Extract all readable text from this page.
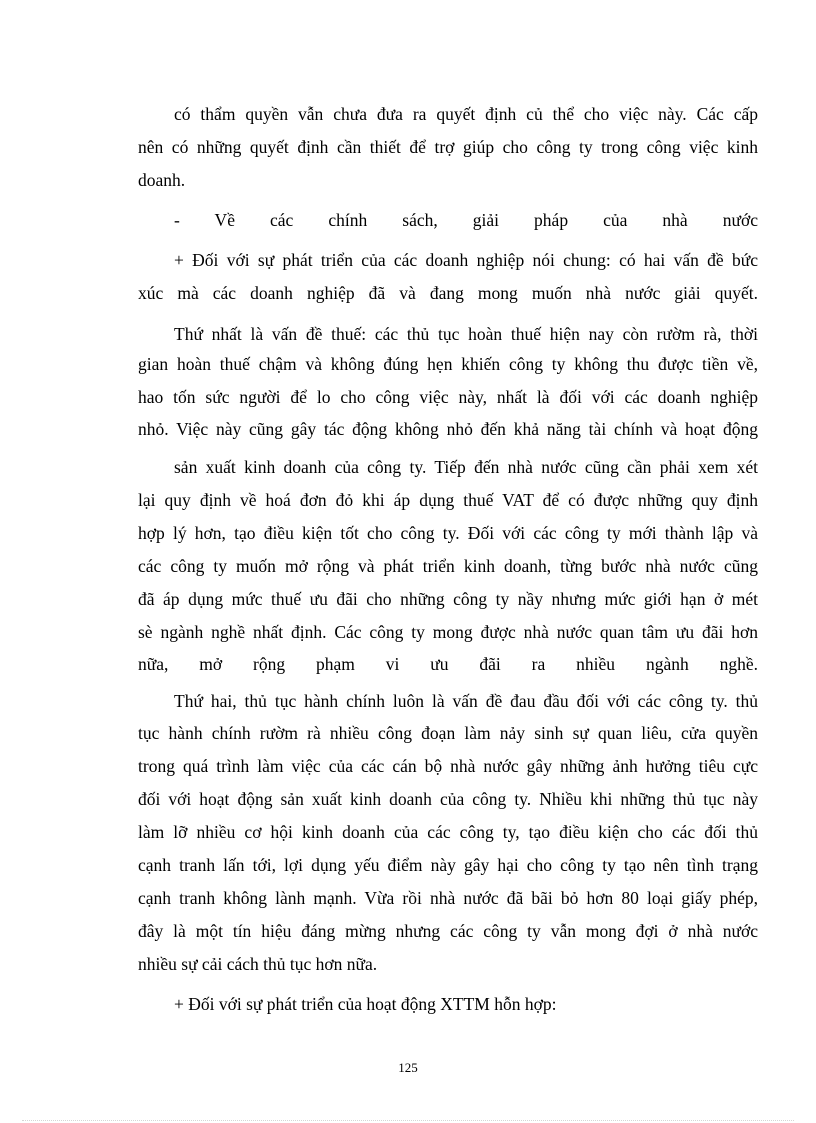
có thẩm quyền vẫn chưa đưa ra quyết định củ thể cho việc này. Các cấp
nên có những quyết định cần thiết để trợ giúp cho công ty trong công việc kinh
doanh.
- Về các chính sách, giải pháp của nhà nước
+ Đối với sự phát triển của các doanh nghiệp nói chung: có hai vấn đề bức
xúc mà các doanh nghiệp đã và đang mong muốn nhà nước giải quyết.
Thứ nhất là vấn đề thuế: các thủ tục hoàn thuế hiện nay còn rườm rà, thời
gian hoàn thuế chậm và không đúng hẹn khiến công ty không thu được tiền về,
hao tốn sức người để lo cho công việc này, nhất là đối với các doanh nghiệp
nhỏ. Việc này cũng gây tác động không nhỏ đến khả năng tài chính và hoạt động
sản xuất kinh doanh của công ty. Tiếp đến nhà nước cũng cần phải xem xét
lại quy định về hoá đơn đỏ khi áp dụng thuế VAT để có được những quy định
hợp lý hơn, tạo điều kiện tốt cho công ty. Đối với các công ty mới thành lập và
các công ty muốn mở rộng và phát triển kinh doanh, từng bước nhà nước cũng
đã áp dụng mức thuế ưu đãi cho những công ty nầy nhưng mức giới hạn ở mét
sè ngành nghề nhất định. Các công ty mong được nhà nước quan tâm ưu đãi hơn
nữa, mở rộng phạm vi ưu đãi ra nhiều ngành nghề.
Thứ hai, thủ tục hành chính luôn là vấn đề đau đầu đối với các công ty. thủ
tục hành chính rườm rà nhiều công đoạn làm nảy sinh sự quan liêu, cửa quyền
trong quá trình làm việc của các cán bộ nhà nước gây những ảnh hưởng tiêu cực
đối với hoạt động sản xuất kinh doanh của công ty. Nhiều khi những thủ tục này
làm lỡ nhiều cơ hội kinh doanh của các công ty, tạo điều kiện cho các đối thủ
cạnh tranh lấn tới, lợi dụng yếu điểm này gây hại cho công ty tạo nên tình trạng
cạnh tranh không lành mạnh. Vừa rồi nhà nước đã bãi bỏ hơn 80 loại giấy phép,
đây là một tín hiệu đáng mừng nhưng các công ty vẫn mong đợi ở nhà nước
nhiều sự cải cách thủ tục hơn nữa.
+ Đối với sự phát triển của hoạt động XTTM hỗn hợp:
125
